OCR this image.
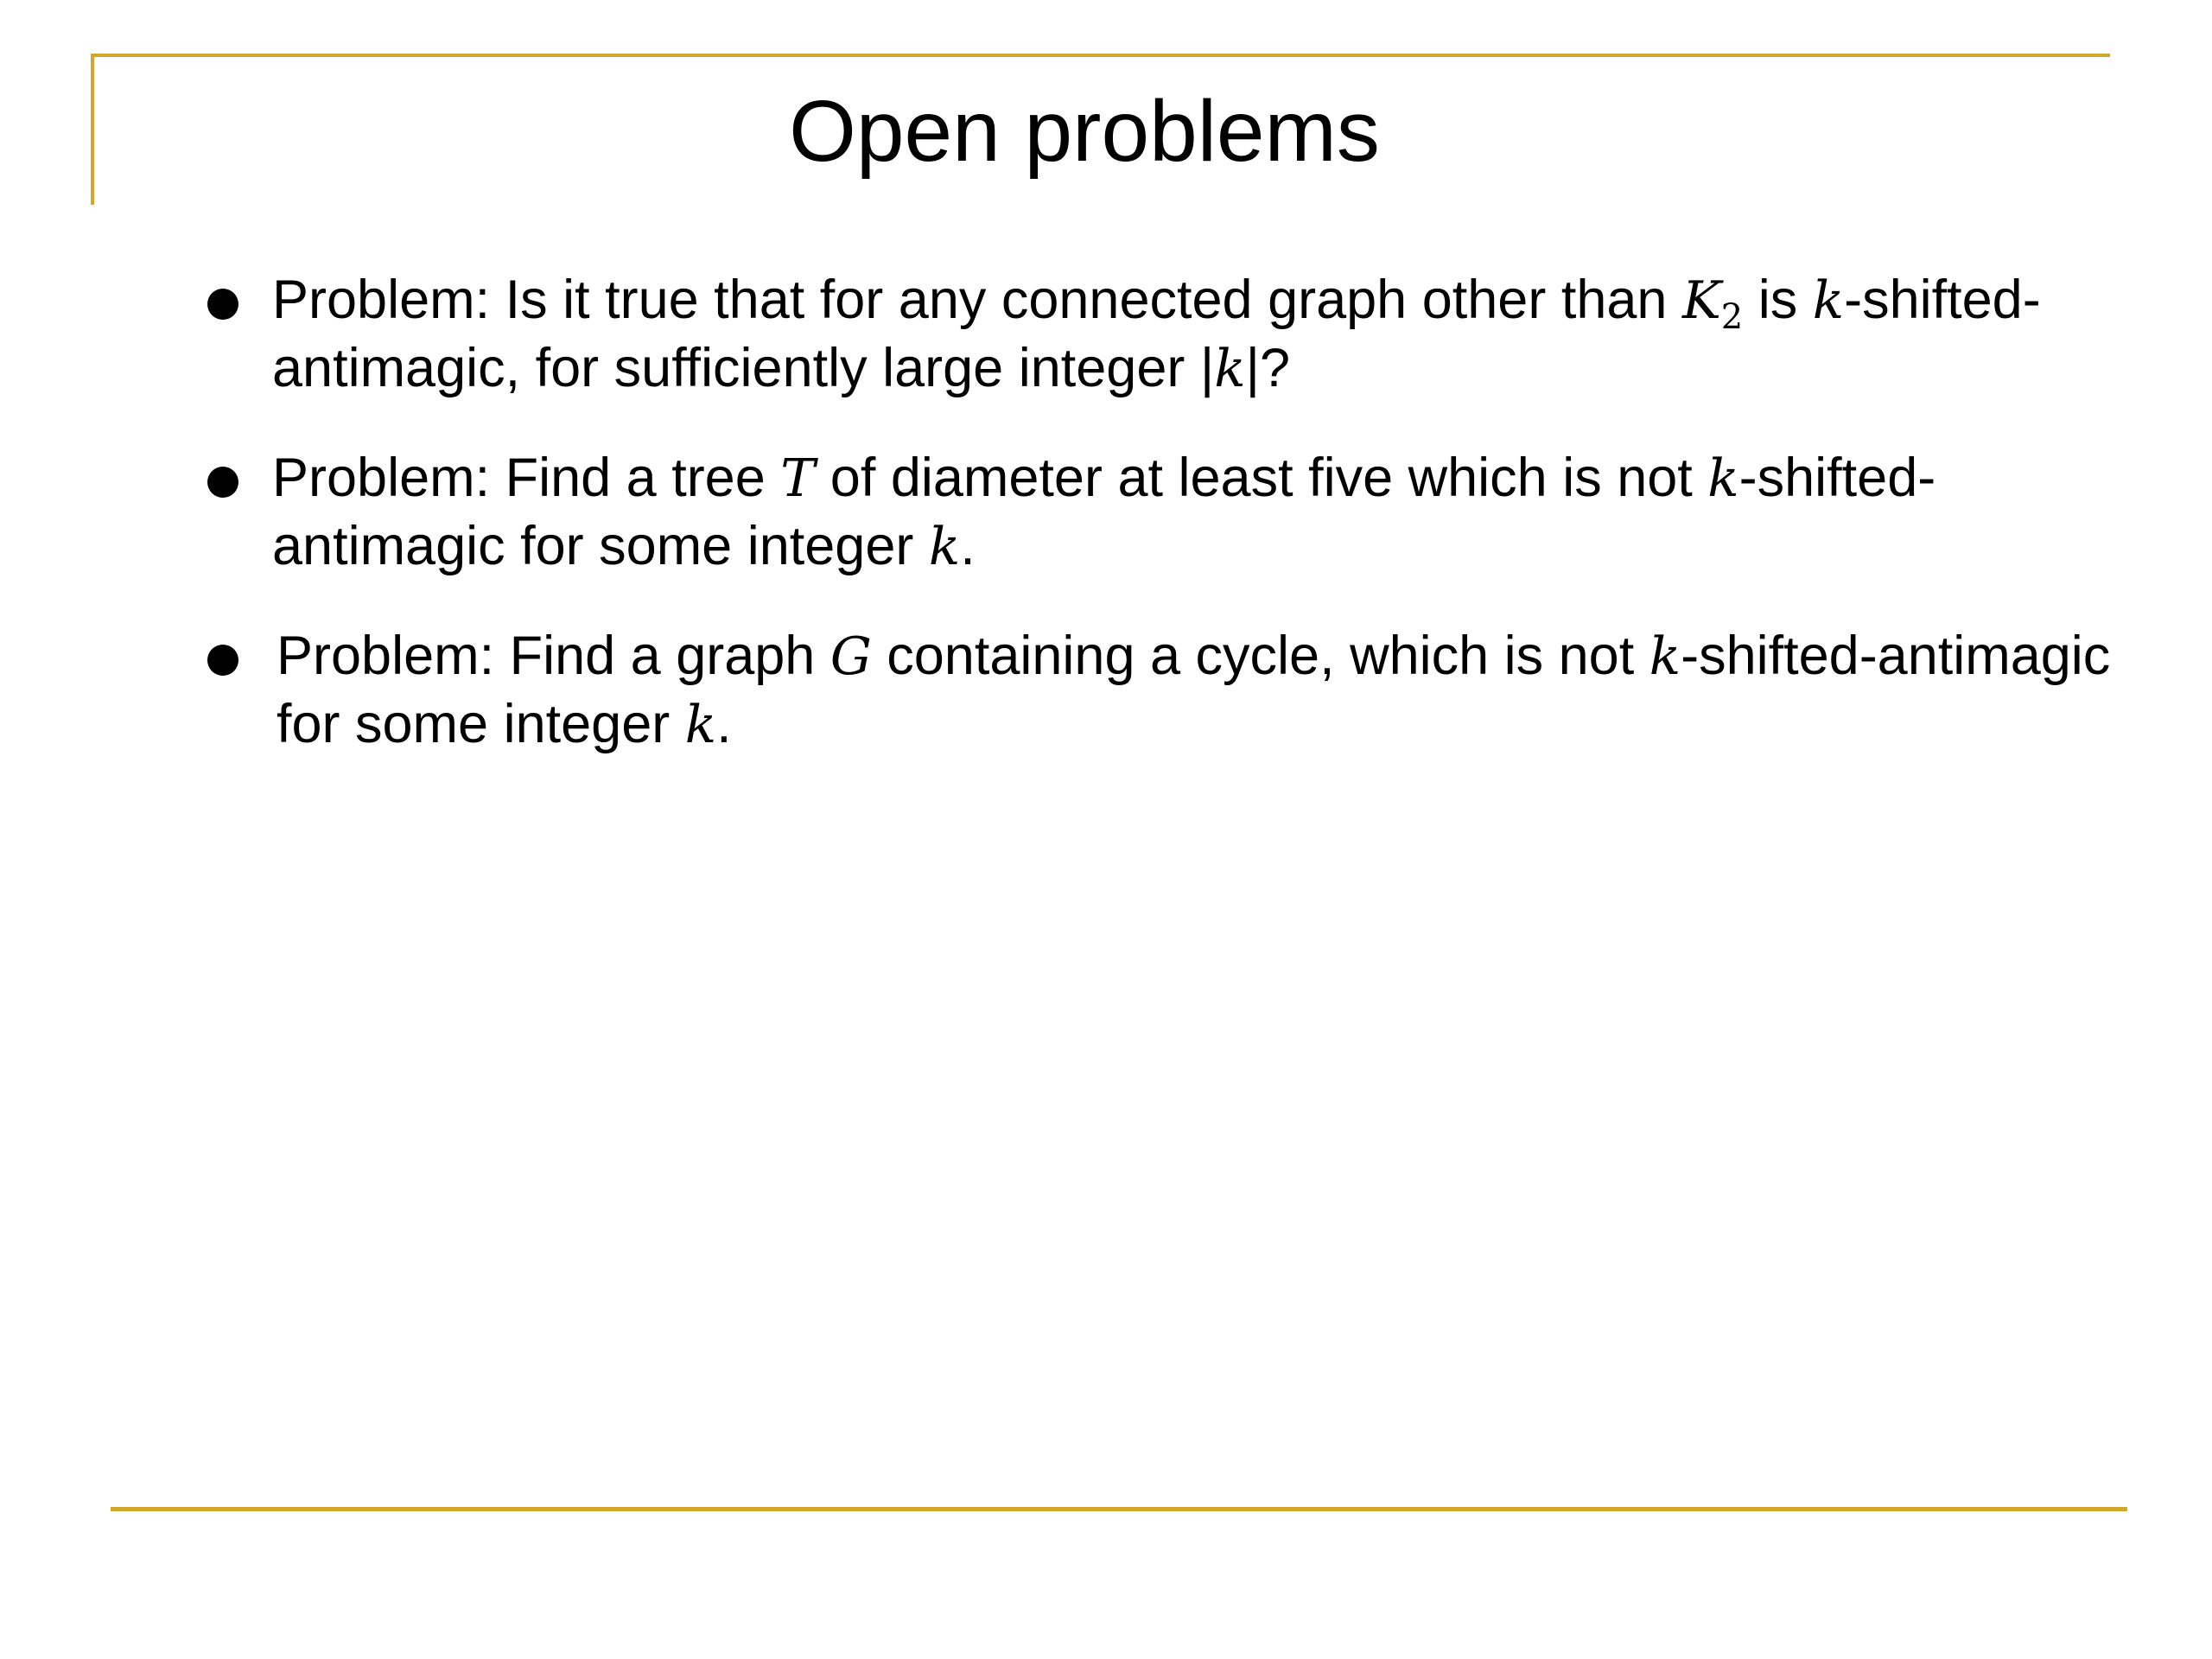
Open problems
Problem: Is it true that for any connected graph other than $K_2$ is k-shifted-antimagic, for sufficiently large integer |k|?
Problem: Find a tree T of diameter at least five which is not k-shifted-antimagic for some integer k.
Problem: Find a graph G containing a cycle, which is not k-shifted-antimagic for some integer k.
